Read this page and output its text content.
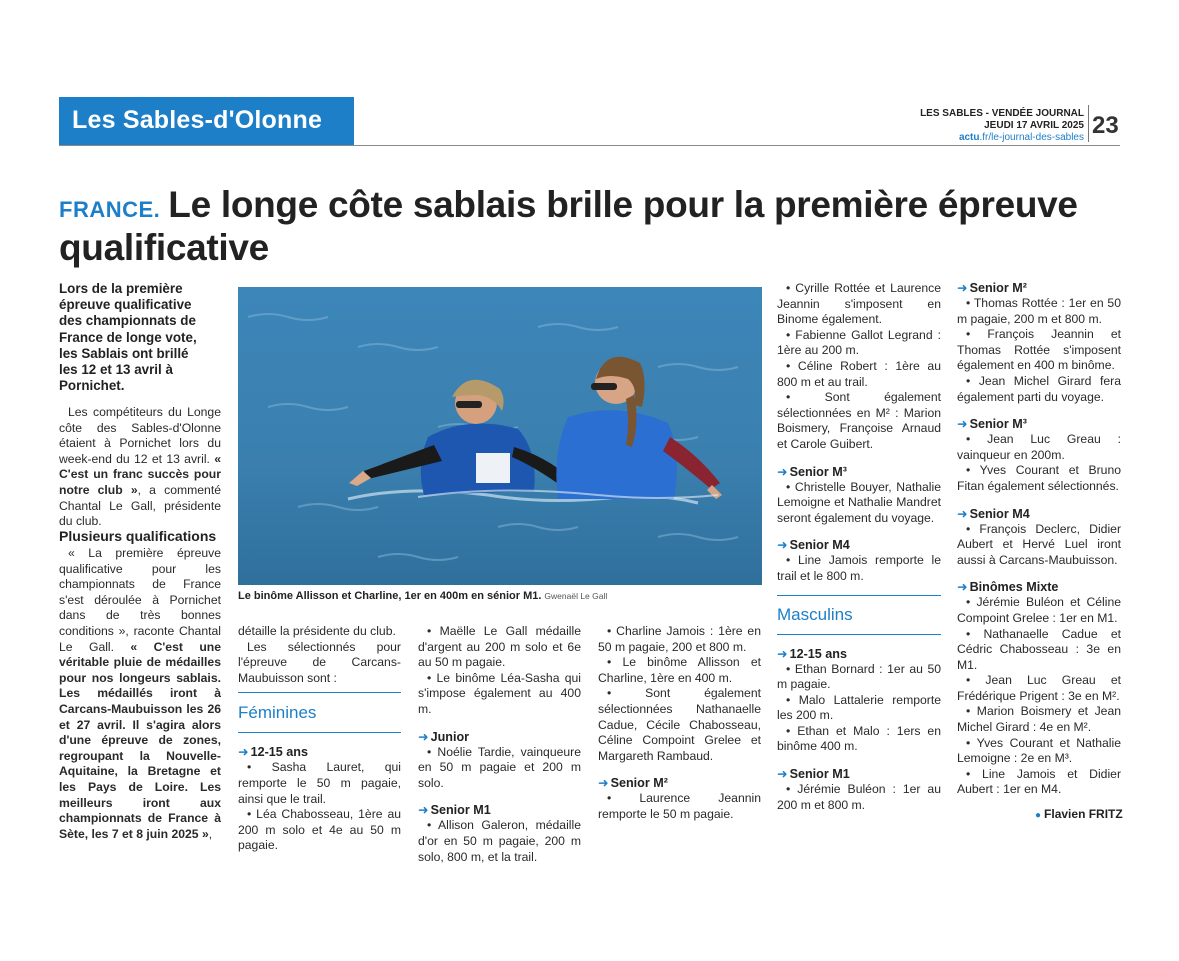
Les Sables-d'Olonne	LES SABLES - VENDÉE JOURNAL
JEUDI 17 AVRIL 2025
actu.fr/le-journal-des-sables 23
FRANCE. Le longe côte sablais brille pour la première épreuve qualificative
Lors de la première épreuve qualificative des championnats de France de longe vote, les Sablais ont brillé les 12 et 13 avril à Pornichet.

Les compétiteurs du Longe côte des Sables-d'Olonne étaient à Pornichet lors du week-end du 12 et 13 avril. « C'est un franc succès pour notre club », a commenté Chantal Le Gall, présidente du club.

Plusieurs qualifications

« La première épreuve qualificative pour les championnats de France s'est déroulée à Pornichet dans de très bonnes conditions », raconte Chantal Le Gall. « C'est une véritable pluie de médailles pour nos longeurs sablais. Les médaillés iront à Carcans-Maubuisson les 26 et 27 avril. Il s'agira alors d'une épreuve de zones, regroupant la Nouvelle-Aquitaine, la Bretagne et les Pays de Loire. Les meilleurs iront aux championnats de France à Sète, les 7 et 8 juin 2025 »,

Le binôme Allisson et Charline, 1er en 400m en sénior M1. Gwenaël Le Gall

détaille la présidente du club.

Les sélectionnés pour l'épreuve de Carcans-Maubuisson sont :

Féminines
➜ 12-15 ans

• Sasha Lauret, qui remporte le 50 m pagaie, ainsi que le trail.

• Léa Chabosseau, 1ère au 200 m solo et 4e au 50 m pagaie.

• Maëlle Le Gall médaille d'argent au 200 m solo et 6e au 50 m pagaie.

• Le binôme Léa-Sasha qui s'impose également au 400 m.

➜ Junior

• Noélie Tardie, vainqueure en 50 m pagaie et 200 m solo.

➜ Senior M1

• Allison Galeron, médaille d'or en 50 m pagaie, 200 m solo, 800 m, et la trail.

• Charline Jamois : 1ère en 50 m pagaie, 200 et 800 m.

• Le binôme Allisson et Charline, 1ère en 400 m.

• Sont également sélectionnées Nathanaelle Cadue, Cécile Chabosseau, Céline Compoint Grelee et Margareth Rambaud.

➜ Senior M²

• Laurence Jeannin remporte le 50 m pagaie.

• Cyrille Rottée et Laurence Jeannin s'imposent en Binome également.

• Fabienne Gallot Legrand : 1ère au 200 m.

• Céline Robert : 1ère au 800 m et au trail.

• Sont également sélectionnées en M² : Marion Boismery, Françoise Arnaud et Carole Guibert.

➜ Senior M³

• Christelle Bouyer, Nathalie Lemoigne et Nathalie Mandret seront également du voyage.

➜ Senior M4

• Line Jamois remporte le trail et le 800 m.

Masculins
➜ 12-15 ans

• Ethan Bornard : 1er au 50 m pagaie.

• Malo Lattalerie remporte les 200 m.

• Ethan et Malo : 1ers en binôme 400 m.

➜ Senior M1

• Jérémie Buléon : 1er au 200 m et 800 m.

➜ Senior M²

• Thomas Rottée : 1er en 50 m pagaie, 200 m et 800 m.

• François Jeannin et Thomas Rottée s'imposent également en 400 m binôme.

• Jean Michel Girard fera également parti du voyage.

➜ Senior M³

• Jean Luc Greau : vainqueur en 200m.

• Yves Courant et Bruno Fitan également sélectionnés.

➜ Senior M4

• François Declerc, Didier Aubert et Hervé Luel iront aussi à Carcans-Maubuisson.

➜ Binômes Mixte

• Jérémie Buléon et Céline Compoint Grelee : 1er en M1.

• Nathanaelle Cadue et Cédric Chabosseau : 3e en M1.

• Jean Luc Greau et Frédérique Prigent : 3e en M².

• Marion Boismery et Jean Michel Girard : 4e en M².

• Yves Courant et Nathalie Lemoigne : 2e en M³.

• Line Jamois et Didier Aubert : 1er en M4.

● Flavien FRITZ
